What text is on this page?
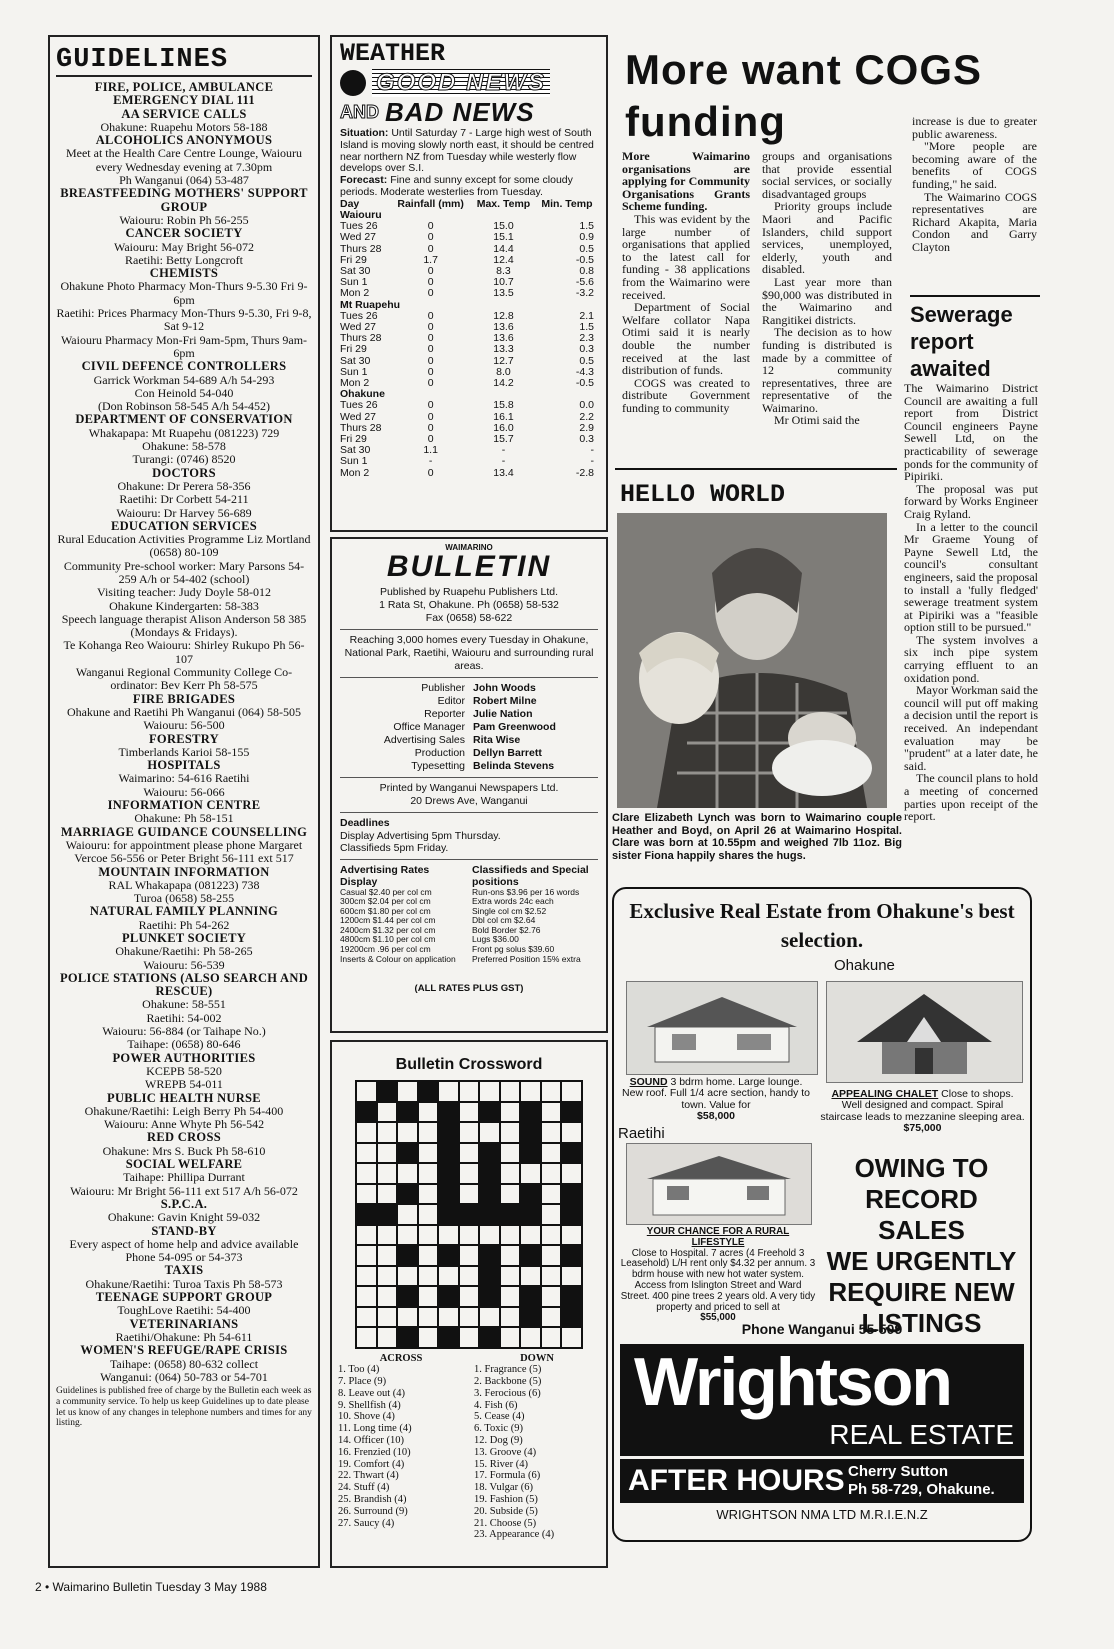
GUIDELINES
FIRE, POLICE, AMBULANCE EMERGENCY DIAL 111
AA SERVICE CALLS
Ohakune: Ruapehu Motors 58-188
ALCOHOLICS ANONYMOUS
Meet at the Health Care Centre Lounge, Waiouru every Wednesday evening at 7.30pm
Ph Wanganui (064) 53-487
BREASTFEEDING MOTHERS' SUPPORT GROUP
Waiouru: Robin Ph 56-255
CANCER SOCIETY
Waiouru: May Bright 56-072
Raetihi: Betty Longcroft
CHEMISTS
Ohakune Photo Pharmacy Mon-Thurs 9-5.30 Fri 9-6pm
Raetihi: Prices Pharmacy Mon-Thurs 9-5.30, Fri 9-8, Sat 9-12
Waiouru Pharmacy Mon-Fri 9am-5pm, Thurs 9am-6pm
CIVIL DEFENCE CONTROLLERS
Garrick Workman 54-689 A/h 54-293
Con Heinold 54-040
(Don Robinson 58-545 A/h 54-452)
DEPARTMENT OF CONSERVATION
Whakapapa: Mt Ruapehu (081223) 729
Ohakune: 58-578
Turangi: (0746) 8520
DOCTORS
Ohakune: Dr Perera 58-356
Raetihi: Dr Corbett 54-211
Waiouru: Dr Harvey 56-689
EDUCATION SERVICES
Rural Education Activities Programme Liz Mortland (0658) 80-109
Community Pre-school worker: Mary Parsons 54-259 A/h or 54-402 (school)
Visiting teacher: Judy Doyle 58-012
Ohakune Kindergarten: 58-383
Speech language therapist Alison Anderson 58 385 (Mondays & Fridays).
Te Kohanga Reo Waiouru: Shirley Rukupo Ph 56-107
Wanganui Regional Community College Co-ordinator: Bev Kerr Ph 58-575
FIRE BRIGADES
Ohakune and Raetihi Ph Wanganui (064) 58-505
Waiouru: 56-500
FORESTRY
Timberlands Karioi 58-155
HOSPITALS
Waimarino: 54-616 Raetihi
Waiouru: 56-066
INFORMATION CENTRE
Ohakune: Ph 58-151
MARRIAGE GUIDANCE COUNSELLING
Waiouru: for appointment please phone Margaret Vercoe 56-556 or Peter Bright 56-111 ext 517
MOUNTAIN INFORMATION
RAL Whakapapa (081223) 738
Turoa (0658) 58-255
NATURAL FAMILY PLANNING
Raetihi: Ph 54-262
PLUNKET SOCIETY
Ohakune/Raetihi: Ph 58-265
Waiouru: 56-539
POLICE STATIONS (ALSO SEARCH AND RESCUE)
Ohakune: 58-551
Raetihi: 54-002
Waiouru: 56-884 (or Taihape No.)
Taihape: (0658) 80-646
POWER AUTHORITIES
KCEPB 58-520
WREPB 54-011
PUBLIC HEALTH NURSE
Ohakune/Raetihi: Leigh Berry Ph 54-400
Waiouru: Anne Whyte Ph 56-542
RED CROSS
Ohakune: Mrs S. Buck Ph 58-610
SOCIAL WELFARE
Taihape: Phillipa Durrant
Waiouru: Mr Bright 56-111 ext 517 A/h 56-072
S.P.C.A.
Ohakune: Gavin Knight 59-032
STAND-BY
Every aspect of home help and advice available Phone 54-095 or 54-373
TAXIS
Ohakune/Raetihi: Turoa Taxis Ph 58-573
TEENAGE SUPPORT GROUP
ToughLove Raetihi: 54-400
VETERINARIANS
Raetihi/Ohakune: Ph 54-611
WOMEN'S REFUGE/RAPE CRISIS
Taihape: (0658) 80-632 collect
Wanganui: (064) 50-783 or 54-701
Guidelines is published free of charge by the Bulletin each week as a community service. To help us keep Guidelines up to date please let us know of any changes in telephone numbers and times for any listing.
WEATHER
GOOD NEWS
AND BAD NEWS
Situation: Until Saturday 7 - Large high west of South Island is moving slowly north east, it should be centred near northern NZ from Tuesday while westerly flow develops over S.I.
Forecast: Fine and sunny except for some cloudy periods. Moderate westerlies from Tuesday.
Day	Rainfall (mm)	Max. Temp	Min. Temp
Waiouru			
Tues 26	0	15.0	1.5
Wed 27	0	15.1	0.9
Thurs 28	0	14.4	0.5
Fri 29	1.7	12.4	-0.5
Sat 30	0	8.3	0.8
Sun 1	0	10.7	-5.6
Mon 2	0	13.5	-3.2
Mt Ruapehu			
Tues 26	0	12.8	2.1
Wed 27	0	13.6	1.5
Thurs 28	0	13.6	2.3
Fri 29	0	13.3	0.3
Sat 30	0	12.7	0.5
Sun 1	0	8.0	-4.3
Mon 2	0	14.2	-0.5
Ohakune			
Tues 26	0	15.8	0.0
Wed 27	0	16.1	2.2
Thurs 28	0	16.0	2.9
Fri 29	0	15.7	0.3
Sat 30	1.1	-	-
Sun 1	-	-	-
Mon 2	0	13.4	-2.8
WAIMARINO
BULLETIN
Published by Ruapehu Publishers Ltd.
1 Rata St, Ohakune. Ph (0658) 58-532
Fax (0658) 58-622
Reaching 3,000 homes every Tuesday in Ohakune, National Park, Raetihi, Waiouru and surrounding rural areas.
Publisher John Woods
Editor Robert Milne
Reporter Julie Nation
Office Manager Pam Greenwood
Advertising Sales Rita Wise
Production Dellyn Barrett
Typesetting Belinda Stevens
Printed by Wanganui Newspapers Ltd.
20 Drews Ave, Wanganui
Deadlines
Display Advertising 5pm Thursday.
Classifieds 5pm Friday.
Advertising Rates Display
Casual $2.40 per col cm
300cm $2.04 per col cm
600cm $1.80 per col cm
1200cm $1.44 per col cm
2400cm $1.32 per col cm
4800cm $1.10 per col cm
19200cm .96 per col cm
Inserts & Colour on application
Classifieds and Special positions
Run-ons $3.96 per 16 words
Extra words 24c each
Single col cm $2.52
Dbl col cm $2.64
Bold Border $2.76
Lugs $36.00
Front pg solus $39.60
Preferred Position 15% extra
(ALL RATES PLUS GST)
Bulletin Crossword
ACROSS
1. Too (4)
7. Place (9)
8. Leave out (4)
9. Shellfish (4)
10. Shove (4)
11. Long time (4)
14. Officer (10)
16. Frenzied (10)
19. Comfort (4)
22. Thwart (4)
24. Stuff (4)
25. Brandish (4)
26. Surround (9)
27. Saucy (4)
DOWN
1. Fragrance (5)
2. Backbone (5)
3. Ferocious (6)
4. Fish (6)
5. Cease (4)
6. Toxic (9)
12. Dog (9)
13. Groove (4)
15. River (4)
17. Formula (6)
18. Vulgar (6)
19. Fashion (5)
20. Subside (5)
21. Choose (5)
23. Appearance (4)
More want COGS funding

More Waimarino organisations are applying for Community Organisations Grants Scheme funding.

This was evident by the large number of organisations that applied to the latest call for funding - 38 applications from the Waimarino were received.

Department of Social Welfare collator Napa Otimi said it is nearly double the number received at the last distribution of funds.

COGS was created to distribute Government funding to community

groups and organisations that provide essential social services, or socially disadvantaged groups

Priority groups include Maori and Pacific Islanders, child support services, unemployed, elderly, youth and disabled.

Last year more than $90,000 was distributed in the Waimarino and Rangitikei districts.

The decision as to how funding is distributed is made by a committee of 12 community representatives, three are representative of the Waimarino.

Mr Otimi said the

increase is due to greater public awareness.

"More people are becoming aware of the benefits of COGS funding," he said.

The Waimarino COGS representatives are Richard Akapita, Maria Condon and Garry Clayton

Sewerage report awaited

The Waimarino District Council are awaiting a full report from District Council engineers Payne Sewell Ltd, on the practicability of sewerage ponds for the community of Pipiriki.

The proposal was put forward by Works Engineer Craig Ryland.

In a letter to the council Mr Graeme Young of Payne Sewell Ltd, the council's consultant engineers, said the proposal to install a 'fully fledged' sewerage treatment system at Pipiriki was a "feasible option still to be pursued."

The system involves a six inch pipe system carrying effluent to an oxidation pond.

Mayor Workman said the council will put off making a decision until the report is received. An independant evaluation may be "prudent" at a later date, he said.

The council plans to hold a meeting of concerned parties upon receipt of the report.

HELLO WORLD
Clare Elizabeth Lynch was born to Waimarino couple Heather and Boyd, on April 26 at Waimarino Hospital. Clare was born at 10.55pm and weighed 7lb 11oz. Big sister Fiona happily shares the hugs.
Exclusive Real Estate from Ohakune's best selection.
Ohakune
SOUND 3 bdrm home. Large lounge. New roof. Full 1/4 acre section, handy to town. Value for
$58,000
APPEALING CHALET Close to shops. Well designed and compact. Spiral staircase leads to mezzanine sleeping area. $75,000
Raetihi
YOUR CHANCE FOR A RURAL LIFESTYLE
Close to Hospital. 7 acres (4 Freehold 3 Leasehold) L/H rent only $4.32 per annum. 3 bdrm house with new hot water system. Access from Islington Street and Ward Street. 400 pine trees 2 years old. A very tidy property and priced to sell at
$55,000
OWING TO
RECORD SALES
WE URGENTLY
REQUIRE NEW
LISTINGS
Phone Wanganui 55-509
Wrightson
REAL ESTATE
AFTER HOURS Cherry Sutton
Ph 58-729, Ohakune.
WRIGHTSON NMA LTD M.R.I.E.N.Z
2 • Waimarino Bulletin Tuesday 3 May 1988
